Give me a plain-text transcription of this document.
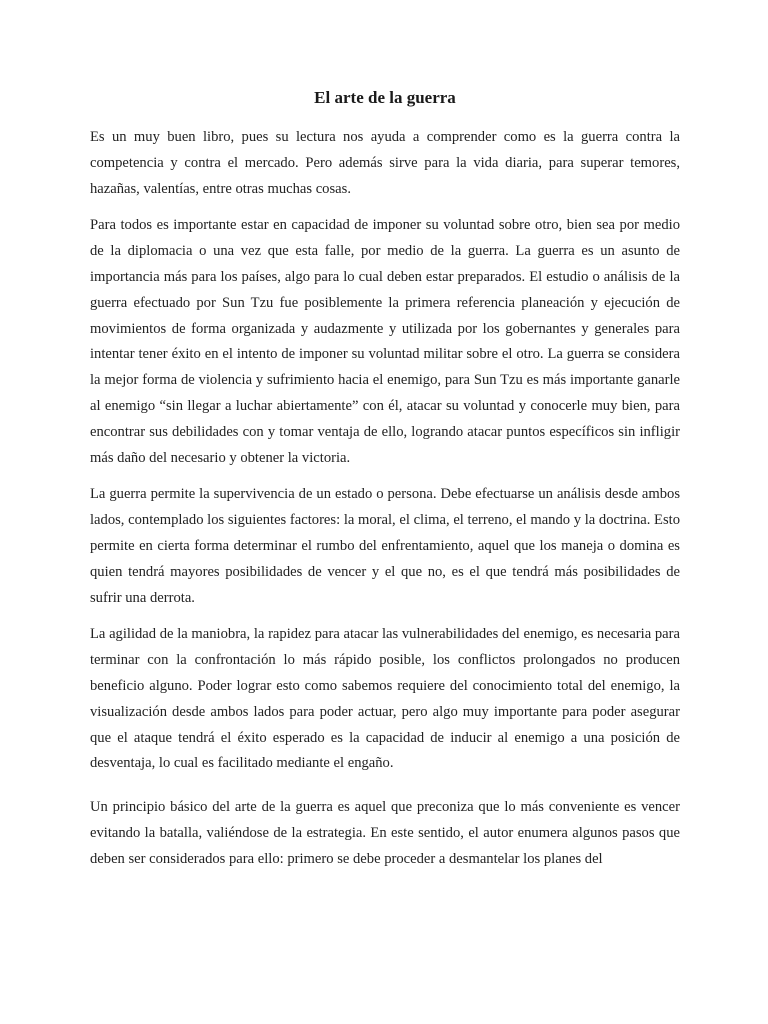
El arte de la guerra

Es un muy buen libro, pues su lectura nos ayuda a comprender como es la guerra contra la competencia y contra el mercado. Pero además sirve para la vida diaria, para superar temores, hazañas, valentías, entre otras muchas cosas.

Para todos es importante estar en capacidad de imponer su voluntad sobre otro, bien sea por medio de la diplomacia o una vez que esta falle, por medio de la guerra. La guerra es un asunto de importancia más para los países, algo para lo cual deben estar preparados. El estudio o análisis de la guerra efectuado por Sun Tzu fue posiblemente la primera referencia planeación y ejecución de movimientos de forma organizada y audazmente y utilizada por los gobernantes y generales para intentar tener éxito en el intento de imponer su voluntad militar sobre el otro. La guerra se considera la mejor forma de violencia y sufrimiento hacia el enemigo, para Sun Tzu es más importante ganarle al enemigo “sin llegar a luchar abiertamente” con él, atacar su voluntad y conocerle muy bien, para encontrar sus debilidades con y tomar ventaja de ello, logrando atacar puntos específicos sin infligir más daño del necesario y obtener la victoria.

La guerra permite la supervivencia de un estado o persona. Debe efectuarse un análisis desde ambos lados, contemplado los siguientes factores: la moral, el clima, el terreno, el mando y la doctrina. Esto permite en cierta forma determinar el rumbo del enfrentamiento, aquel que los maneja o domina es quien tendrá mayores posibilidades de vencer y el que no, es el que tendrá más posibilidades de sufrir una derrota.

La agilidad de la maniobra, la rapidez para atacar las vulnerabilidades del enemigo, es necesaria para terminar con la confrontación lo más rápido posible, los conflictos prolongados no producen beneficio alguno. Poder lograr esto como sabemos requiere del conocimiento total del enemigo, la visualización desde ambos lados para poder actuar, pero algo muy importante para poder asegurar que el ataque tendrá el éxito esperado es la capacidad de inducir al enemigo a una posición de desventaja, lo cual es facilitado mediante el engaño.

Un principio básico del arte de la guerra es aquel que preconiza que lo más conveniente es vencer evitando la batalla, valiéndose de la estrategia. En este sentido, el autor enumera algunos pasos que deben ser considerados para ello: primero se debe proceder a desmantelar los planes del
